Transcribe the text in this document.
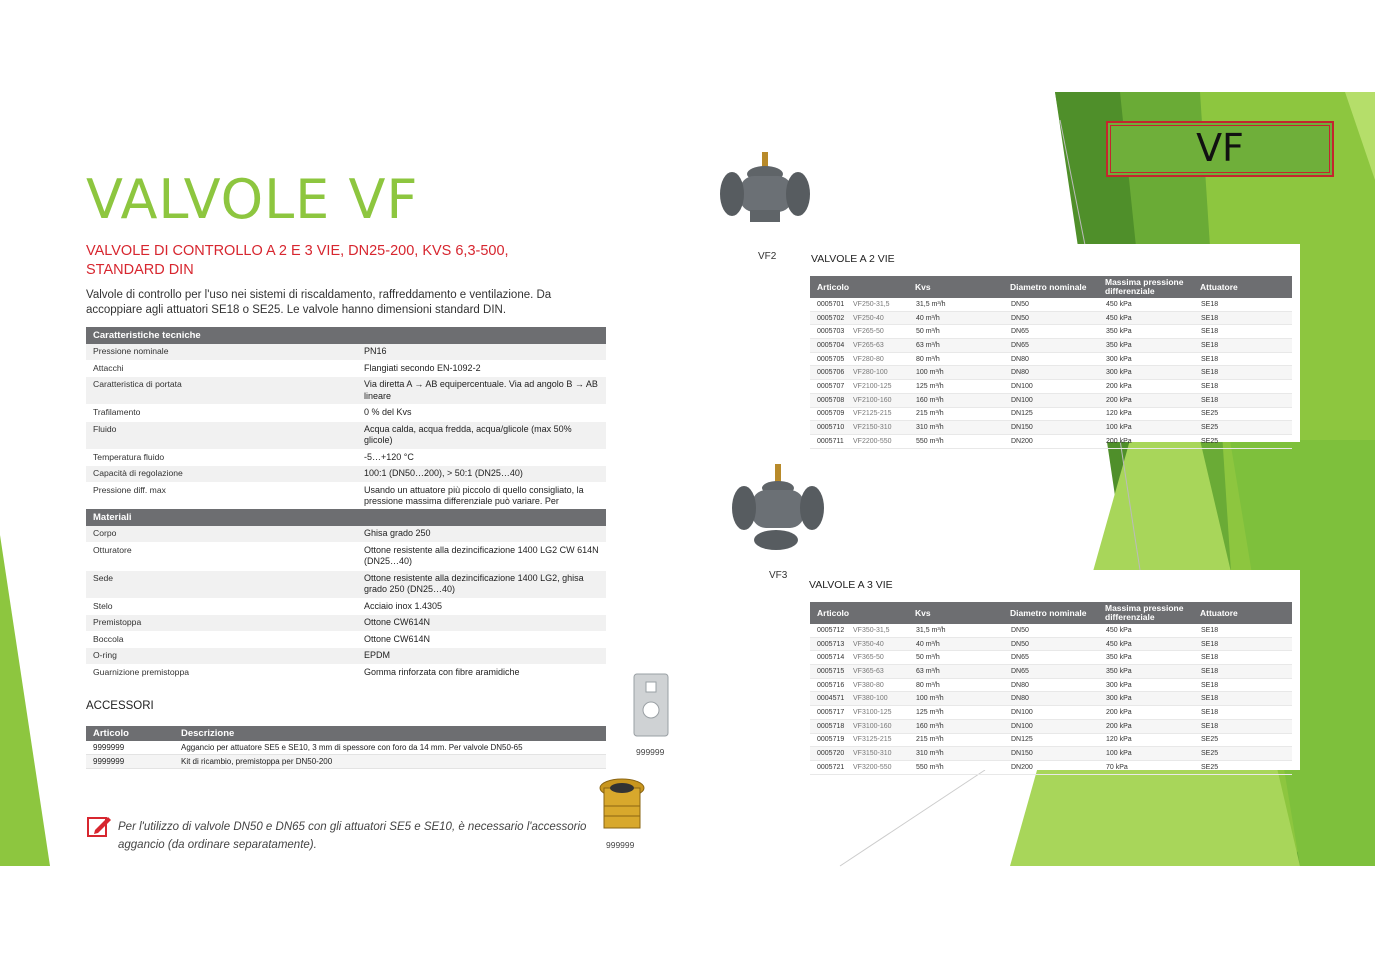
VALVOLE VF
VALVOLE DI CONTROLLO A 2 E 3 VIE, DN25-200, KVS 6,3-500, STANDARD DIN
Valvole di controllo per l'uso nei sistemi di riscaldamento, raffreddamento e ventilazione. Da accoppiare agli attuatori SE18 o SE25. Le valvole hanno dimensioni standard DIN.
Caratteristiche tecniche
Pressione nominale	PN16
Attacchi	Flangiati secondo EN-1092-2
Caratteristica di portata	Via diretta A → AB equipercentuale. Via ad angolo B → AB lineare
Trafilamento	0 % del Kvs
Fluido	Acqua calda, acqua fredda, acqua/glicole (max 50% glicole)
Temperatura fluido	-5…+120 °C
Capacità di regolazione	100:1 (DN50…200), > 50:1 (DN25…40)
Pressione diff. max	Usando un attuatore più piccolo di quello consigliato, la pressione massima differenziale può variare. Per
Materiali
Corpo	Ghisa grado 250
Otturatore	Ottone resistente alla dezincificazione 1400 LG2 CW 614N (DN25…40)
Sede	Ottone resistente alla dezincificazione 1400 LG2, ghisa grado 250 (DN25…40)
Stelo	Acciaio inox 1.4305
Premistoppa	Ottone CW614N
Boccola	Ottone CW614N
O-ring	EPDM
Guarnizione premistoppa	Gomma rinforzata con fibre aramidiche
ACCESSORI
Articolo	Descrizione
9999999	Aggancio per attuatore SE5 e SE10, 3 mm di spessore con foro da 14 mm. Per valvole DN50-65
9999999	Kit di ricambio, premistoppa per DN50-200
999999
999999
Per l'utilizzo di valvole DN50 e DN65 con gli attuatori SE5 e SE10, è necessario l'accessorio aggancio (da ordinare separatamente).
VF
VF2
VF3
VALVOLE A 2 VIE
Articolo	Kvs	Diametro nominale	Massima pressione differenziale	Attuatore
0005701	VF250-31,5	31,5 m³/h	DN50	450 kPa	SE18
0005702	VF250-40	40 m³/h	DN50	450 kPa	SE18
0005703	VF265-50	50 m³/h	DN65	350 kPa	SE18
0005704	VF265-63	63 m³/h	DN65	350 kPa	SE18
0005705	VF280-80	80 m³/h	DN80	300 kPa	SE18
0005706	VF280-100	100 m³/h	DN80	300 kPa	SE18
0005707	VF2100-125	125 m³/h	DN100	200 kPa	SE18
0005708	VF2100-160	160 m³/h	DN100	200 kPa	SE18
0005709	VF2125-215	215 m³/h	DN125	120 kPa	SE25
0005710	VF2150-310	310 m³/h	DN150	100 kPa	SE25
0005711	VF2200-550	550 m³/h	DN200	200 kPa	SE25
VALVOLE A 3 VIE
Articolo	Kvs	Diametro nominale	Massima pressione differenziale	Attuatore
0005712	VF350-31,5	31,5 m³/h	DN50	450 kPa	SE18
0005713	VF350-40	40 m³/h	DN50	450 kPa	SE18
0005714	VF365-50	50 m³/h	DN65	350 kPa	SE18
0005715	VF365-63	63 m³/h	DN65	350 kPa	SE18
0005716	VF380-80	80 m³/h	DN80	300 kPa	SE18
0004571	VF380-100	100 m³/h	DN80	300 kPa	SE18
0005717	VF3100-125	125 m³/h	DN100	200 kPa	SE18
0005718	VF3100-160	160 m³/h	DN100	200 kPa	SE18
0005719	VF3125-215	215 m³/h	DN125	120 kPa	SE25
0005720	VF3150-310	310 m³/h	DN150	100 kPa	SE25
0005721	VF3200-550	550 m³/h	DN200	70 kPa	SE25
